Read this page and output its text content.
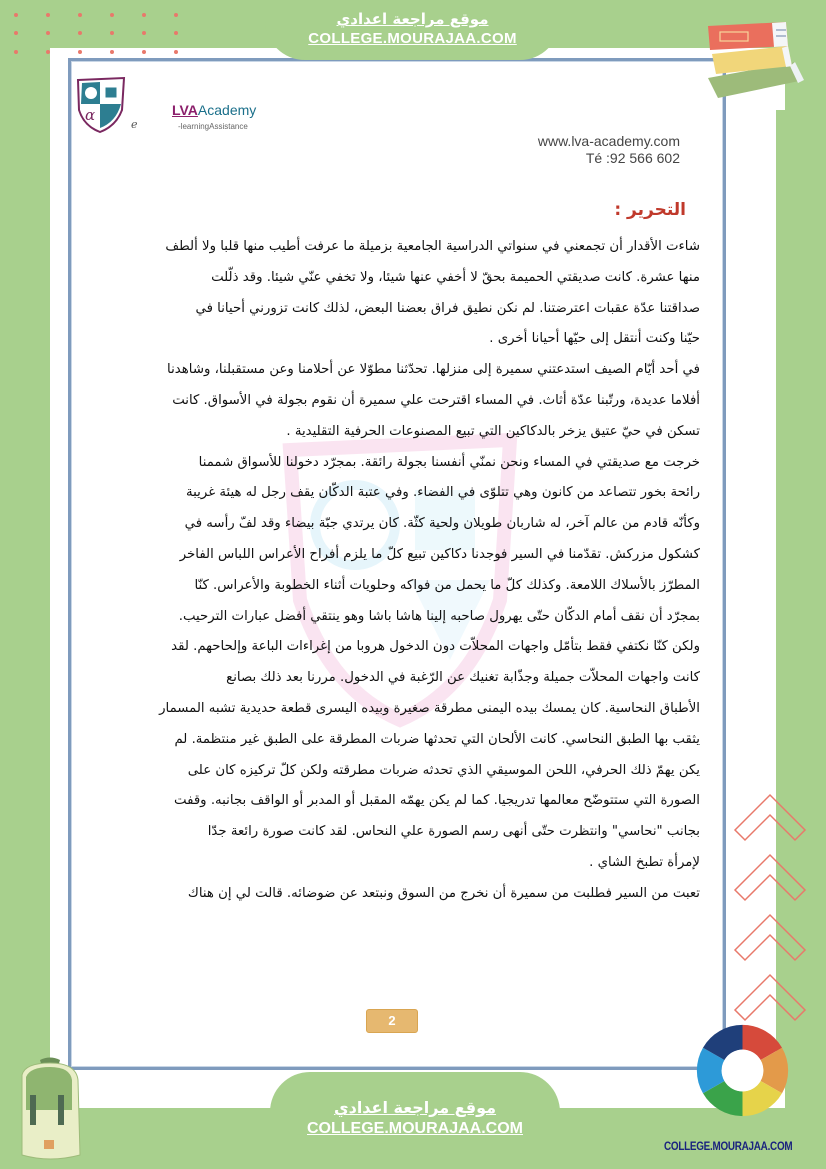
موقع مراجعة اعدادي
COLLEGE.MOURAJAA.COM
α
e
LVAAcademy
-learningAssistance
www.lva-academy.com
Té :92 566 602
التحرير :
شاءت الأقدار أن تجمعني في سنواتي الدراسية الجامعية بزميلة ما عرفت أطيب منها قلبا ولا ألطف
منها عشرة. كانت صديقتي الحميمة بحقّ لا أخفي عنها شيئا، ولا تخفي عنّي شيئا. وقد ذلّلت
صداقتنا عدّة عقبات اعترضتنا. لم نكن نطيق فراق بعضنا البعض، لذلك كانت تزورني أحيانا في
حيّنا وكنت أنتقل إلى حيّها أحيانا أخرى .
في أحد أيّام الصيف استدعتني سميرة إلى منزلها. تحدّثنا مطوّلا عن أحلامنا وعن مستقبلنا، وشاهدنا
أفلاما عديدة، ورتّبنا عدّة أثاث. في المساء اقترحت علي سميرة أن نقوم بجولة في الأسواق. كانت
تسكن في حيّ عتيق يزخر بالدكاكين التي تبيع المصنوعات الحرفية التقليدية .
خرجت مع صديقتي في المساء ونحن نمنّي أنفسنا بجولة رائقة. بمجرّد دخولنا للأسواق شممنا
رائحة بخور تتصاعد من كانون وهي تتلوّى في الفضاء. وفي عتبة الدكّان يقف رجل له هيئة غريبة
وكأنّه قادم من عالم آخر، له شاربان طويلان ولحية كثّة. كان يرتدي جبّة بيضاء وقد لفّ رأسه في
كشكول مزركش. تقدّمنا في السير فوجدنا دكاكين تبيع كلّ ما يلزم أفراح الأعراس اللباس الفاخر
المطرّز بالأسلاك اللامعة. وكذلك كلّ ما يحمل من فواكه وحلويات أثناء الخطوبة والأعراس. كنّا
بمجرّد أن نقف أمام الدكّان حتّى يهرول صاحبه إلينا هاشا باشا وهو ينتقي أفضل عبارات الترحيب.
ولكن كنّا نكتفي فقط بتأمّل واجهات المحلاّت دون الدخول هروبا من إغراءات الباعة وإلحاحهم. لقد
كانت واجهات المحلاّت جميلة وجذّابة تغنيك عن الرّغبة في الدخول. مررنا بعد ذلك بصانع
الأطباق النحاسية. كان يمسك بيده اليمنى مطرقة صغيرة وبيده اليسرى قطعة حديدية تشبه المسمار
يثقب بها الطبق النحاسي. كانت الألحان التي تحدثها ضربات المطرقة على الطبق غير منتظمة. لم
يكن يهمّ ذلك الحرفي، اللحن الموسيقي الذي تحدثه ضربات مطرقته ولكن كلّ تركيزه كان على
الصورة التي ستتوضّح معالمها تدريجيا. كما لم يكن يهمّه المقبل أو المدبر أو الواقف بجانبه. وقفت
بجانب "نحاسي" وانتظرت حتّى أنهى رسم الصورة علي النحاس. لقد كانت صورة رائعة جدّا
لإمرأة تطبخ الشاي .
تعبت من السير فطلبت من سميرة أن نخرج من السوق ونبتعد عن ضوضائه. قالت لي إن هناك
2
موقع مراجعة اعدادي
COLLEGE.MOURAJAA.COM
COLLEGE.MOURAJAA.COM
